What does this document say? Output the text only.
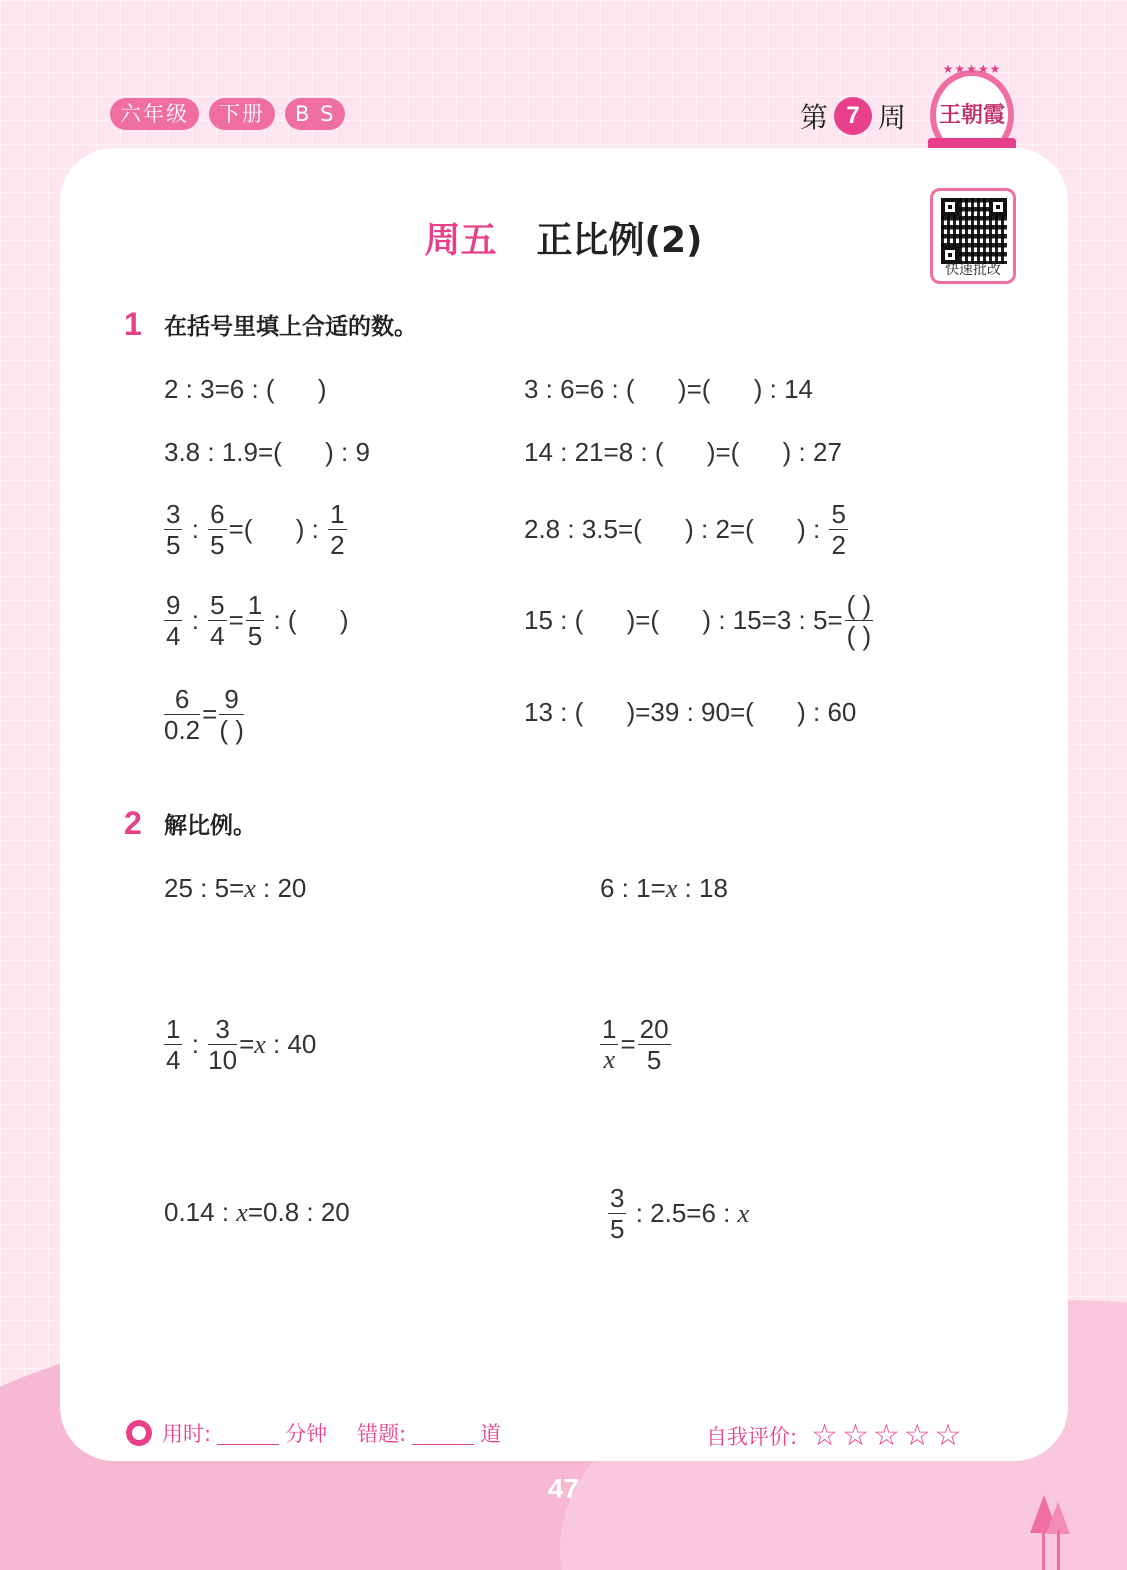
六年级	下册	B S	第 7 周
★★★★★
王朝霞
快速批改
周五 正比例(2)
1 在括号里填上合适的数。
2 : 3=6 : (      )	3 : 6=6 : (      )=(      ) : 14
3.8 : 1.9=(      ) : 9	14 : 21=8 : (      )=(      ) : 27
$\frac{3}{5}$ : $\frac{6}{5}$ =(      ) : $\frac{1}{2}$	2.8 : 3.5=(      ) : 2=(      ) : $\frac{5}{2}$
$\frac{9}{4}$ : $\frac{5}{4} = \frac{1}{5}$ : (      )	15 : (      )=(      ) : 15=3 : $5= \frac{( )}{( )}$
$\frac{6}{0.2} = \frac{9}{( )}$	13 : (      )=39 : 90=(      ) : 60
2 解比例。
25 : 5= x : 20	6 : 1= x : 18
$\frac{1}{4}$ : $\frac{3}{10} = x$ : 40	$\frac{1}{x} = \frac{20}{5}$
0.14 : x =0.8 : 20	$\frac{3}{5}$ : 2.5=6 : x
用时:	分钟 错题:	道	自我评价: ☆☆☆☆☆
47
